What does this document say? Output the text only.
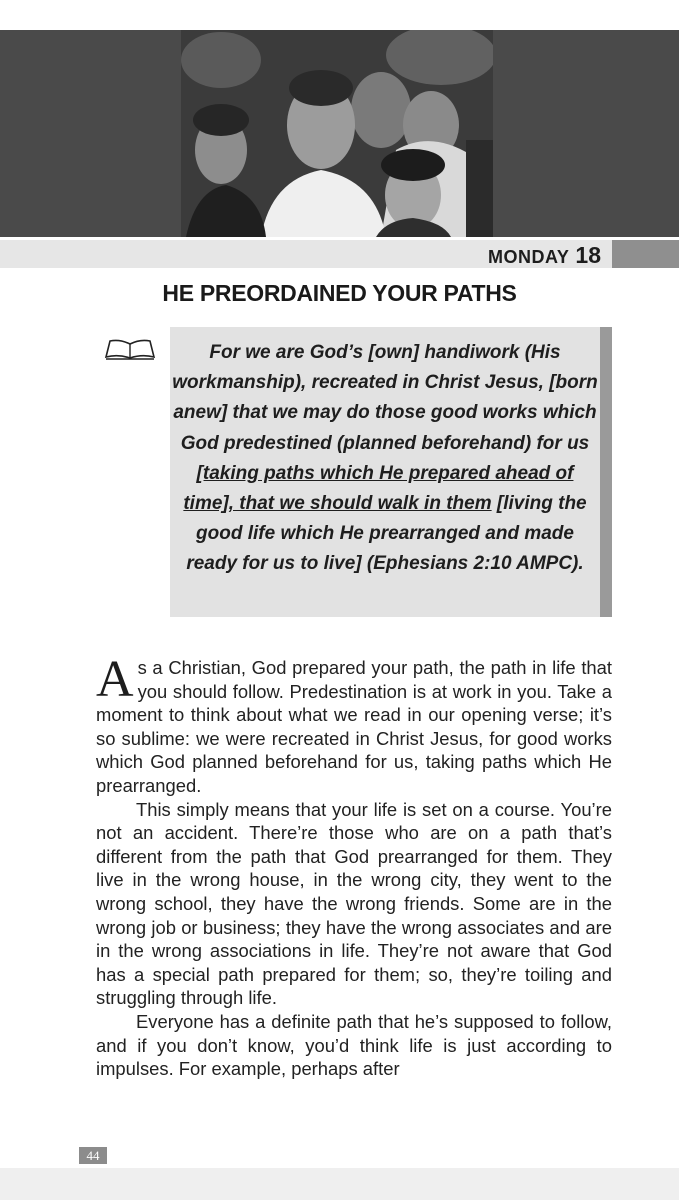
MONDAY 18
HE PREORDAINED YOUR PATHS
For we are God’s [own] handiwork (His workmanship), recreated in Christ Jesus, [born anew] that we may do those good works which God predestined (planned beforehand) for us [taking paths which He prepared ahead of time], that we should walk in them [living the good life which He prearranged and made ready for us to live] (Ephesians 2:10 AMPC).

As a Christian, God prepared your path, the path in life that you should follow. Predestination is at work in you. Take a moment to think about what we read in our opening verse; it’s so sublime: we were recreated in Christ Jesus, for good works which God planned beforehand for us, taking paths which He prearranged.

This simply means that your life is set on a course. You’re not an accident. There’re those who are on a path that’s different from the path that God prearranged for them. They live in the wrong house, in the wrong city, they went to the wrong school, they have the wrong friends. Some are in the wrong job or business; they have the wrong associates and are in the wrong associations in life. They’re not aware that God has a special path prepared for them; so, they’re toiling and struggling through life.

Everyone has a definite path that he’s supposed to follow, and if you don’t know, you’d think life is just according to impulses. For example, perhaps after

44
